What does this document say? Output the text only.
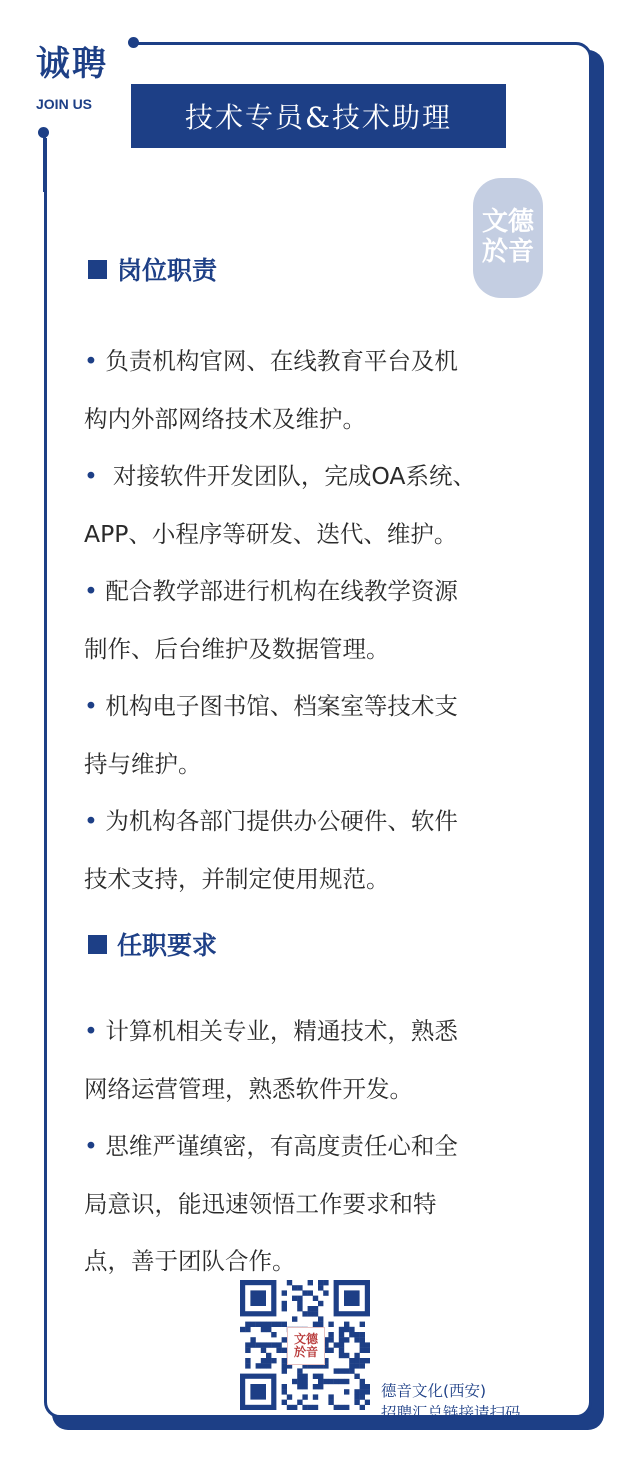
诚聘
JOIN US	技术专员&技术助理
文德
於音
岗位职责

• 负责机构官网、在线教育平台及机

构内外部网络技术及维护。

•  对接软件开发团队，完成OA系统、

APP、小程序等研发、迭代、维护。

• 配合教学部进行机构在线教学资源

制作、后台维护及数据管理。

• 机构电子图书馆、档案室等技术支

持与维护。

• 为机构各部门提供办公硬件、软件

技术支持，并制定使用规范。

任职要求

• 计算机相关专业，精通技术，熟悉

网络运营管理，熟悉软件开发。

• 思维严谨缜密，有高度责任心和全

局意识，能迅速领悟工作要求和特

点，善于团队合作。

文德
於音
德音文化(西安)
招聘汇总链接请扫码
